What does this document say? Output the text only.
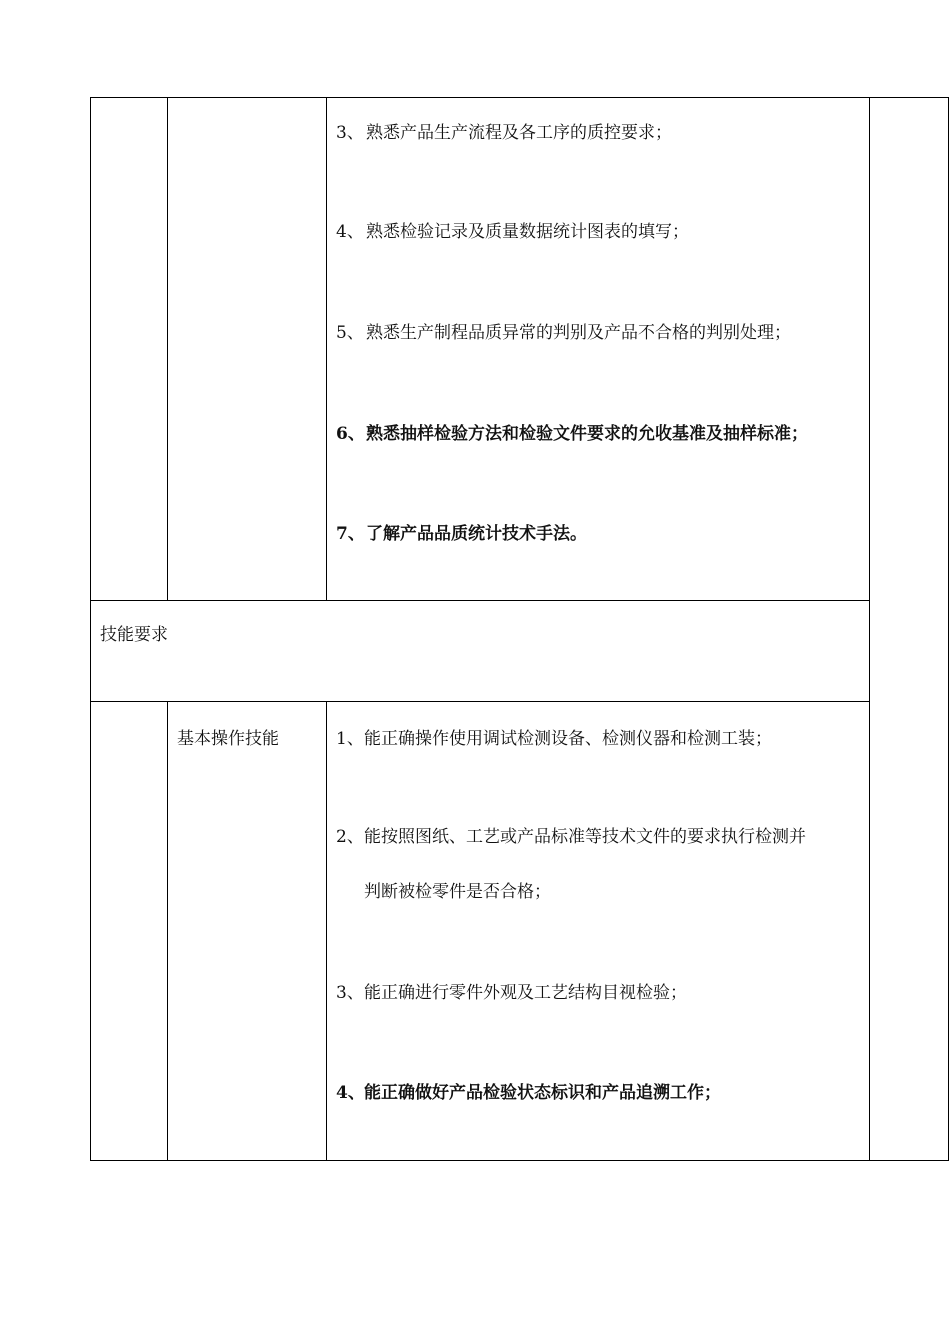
3、 熟悉产品生产流程及各工序的质控要求；
4、 熟悉检验记录及质量数据统计图表的填写；
5、 熟悉生产制程品质异常的判别及产品不合格的判别处理；
6、熟悉抽样检验方法和检验文件要求的允收基准及抽样标准；
7、了解产品品质统计技术手法。
技能要求
基本操作技能	1、能正确操作使用调试检测设备、检测仪器和检测工装；
2、能按照图纸、工艺或产品标准等技术文件的要求执行检测并
判断被检零件是否合格；
3、能正确进行零件外观及工艺结构目视检验；
4、能正确做好产品检验状态标识和产品追溯工作；
